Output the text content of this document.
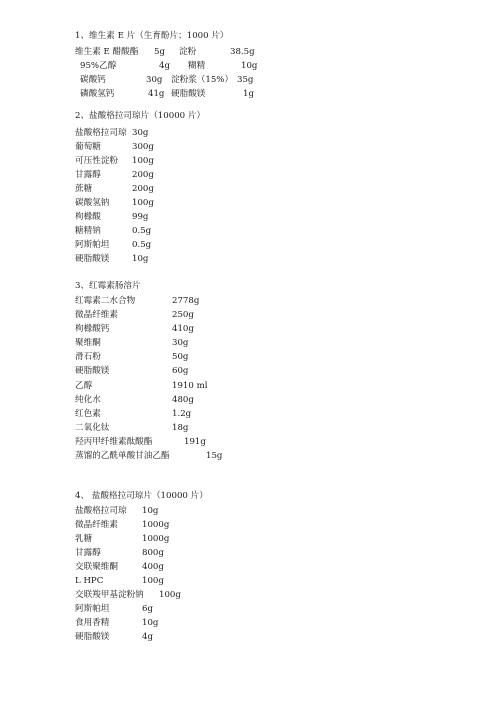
1、维生素 E 片（生育酚片；1000 片）
维生素 E 醋酸酯 5g 淀粉	38.5g
95%乙醇	4g 糊精	10g
碳酸钙	30g 淀粉浆（15%） 35g
磷酸氢钙	41g 硬脂酸镁	1g
2、盐酸格拉司琼片（10000 片）
盐酸格拉司琼 30g
葡萄糖	300g
可压性淀粉 100g
甘露醇	200g
蔗糖	200g
碳酸氢钠	100g
枸橼酸	99g
糖精钠	0.5g
阿斯帕坦	0.5g
硬脂酸镁	10g
3、红霉素肠溶片
红霉素二水合物	2778g
微晶纤维素	250g
枸橼酸钙	410g
聚维酮	30g
滑石粉	50g
硬脂酸镁	60g
乙醇	1910 ml
纯化水	480g
红色素	1.2g
二氧化钛	18g
羟丙甲纤维素酞酸酯	191g
蒸馏的乙酰单酸甘油乙酯	15g
4、 盐酸格拉司琼片（10000 片）
盐酸格拉司琼 10g
微晶纤维素	1000g
乳糖	1000g
甘露醇	800g
交联聚维酮	400g
L HPC	100g
交联羧甲基淀粉钠 100g
阿斯帕坦	6g
食用香精	10g
硬脂酸镁	4g
